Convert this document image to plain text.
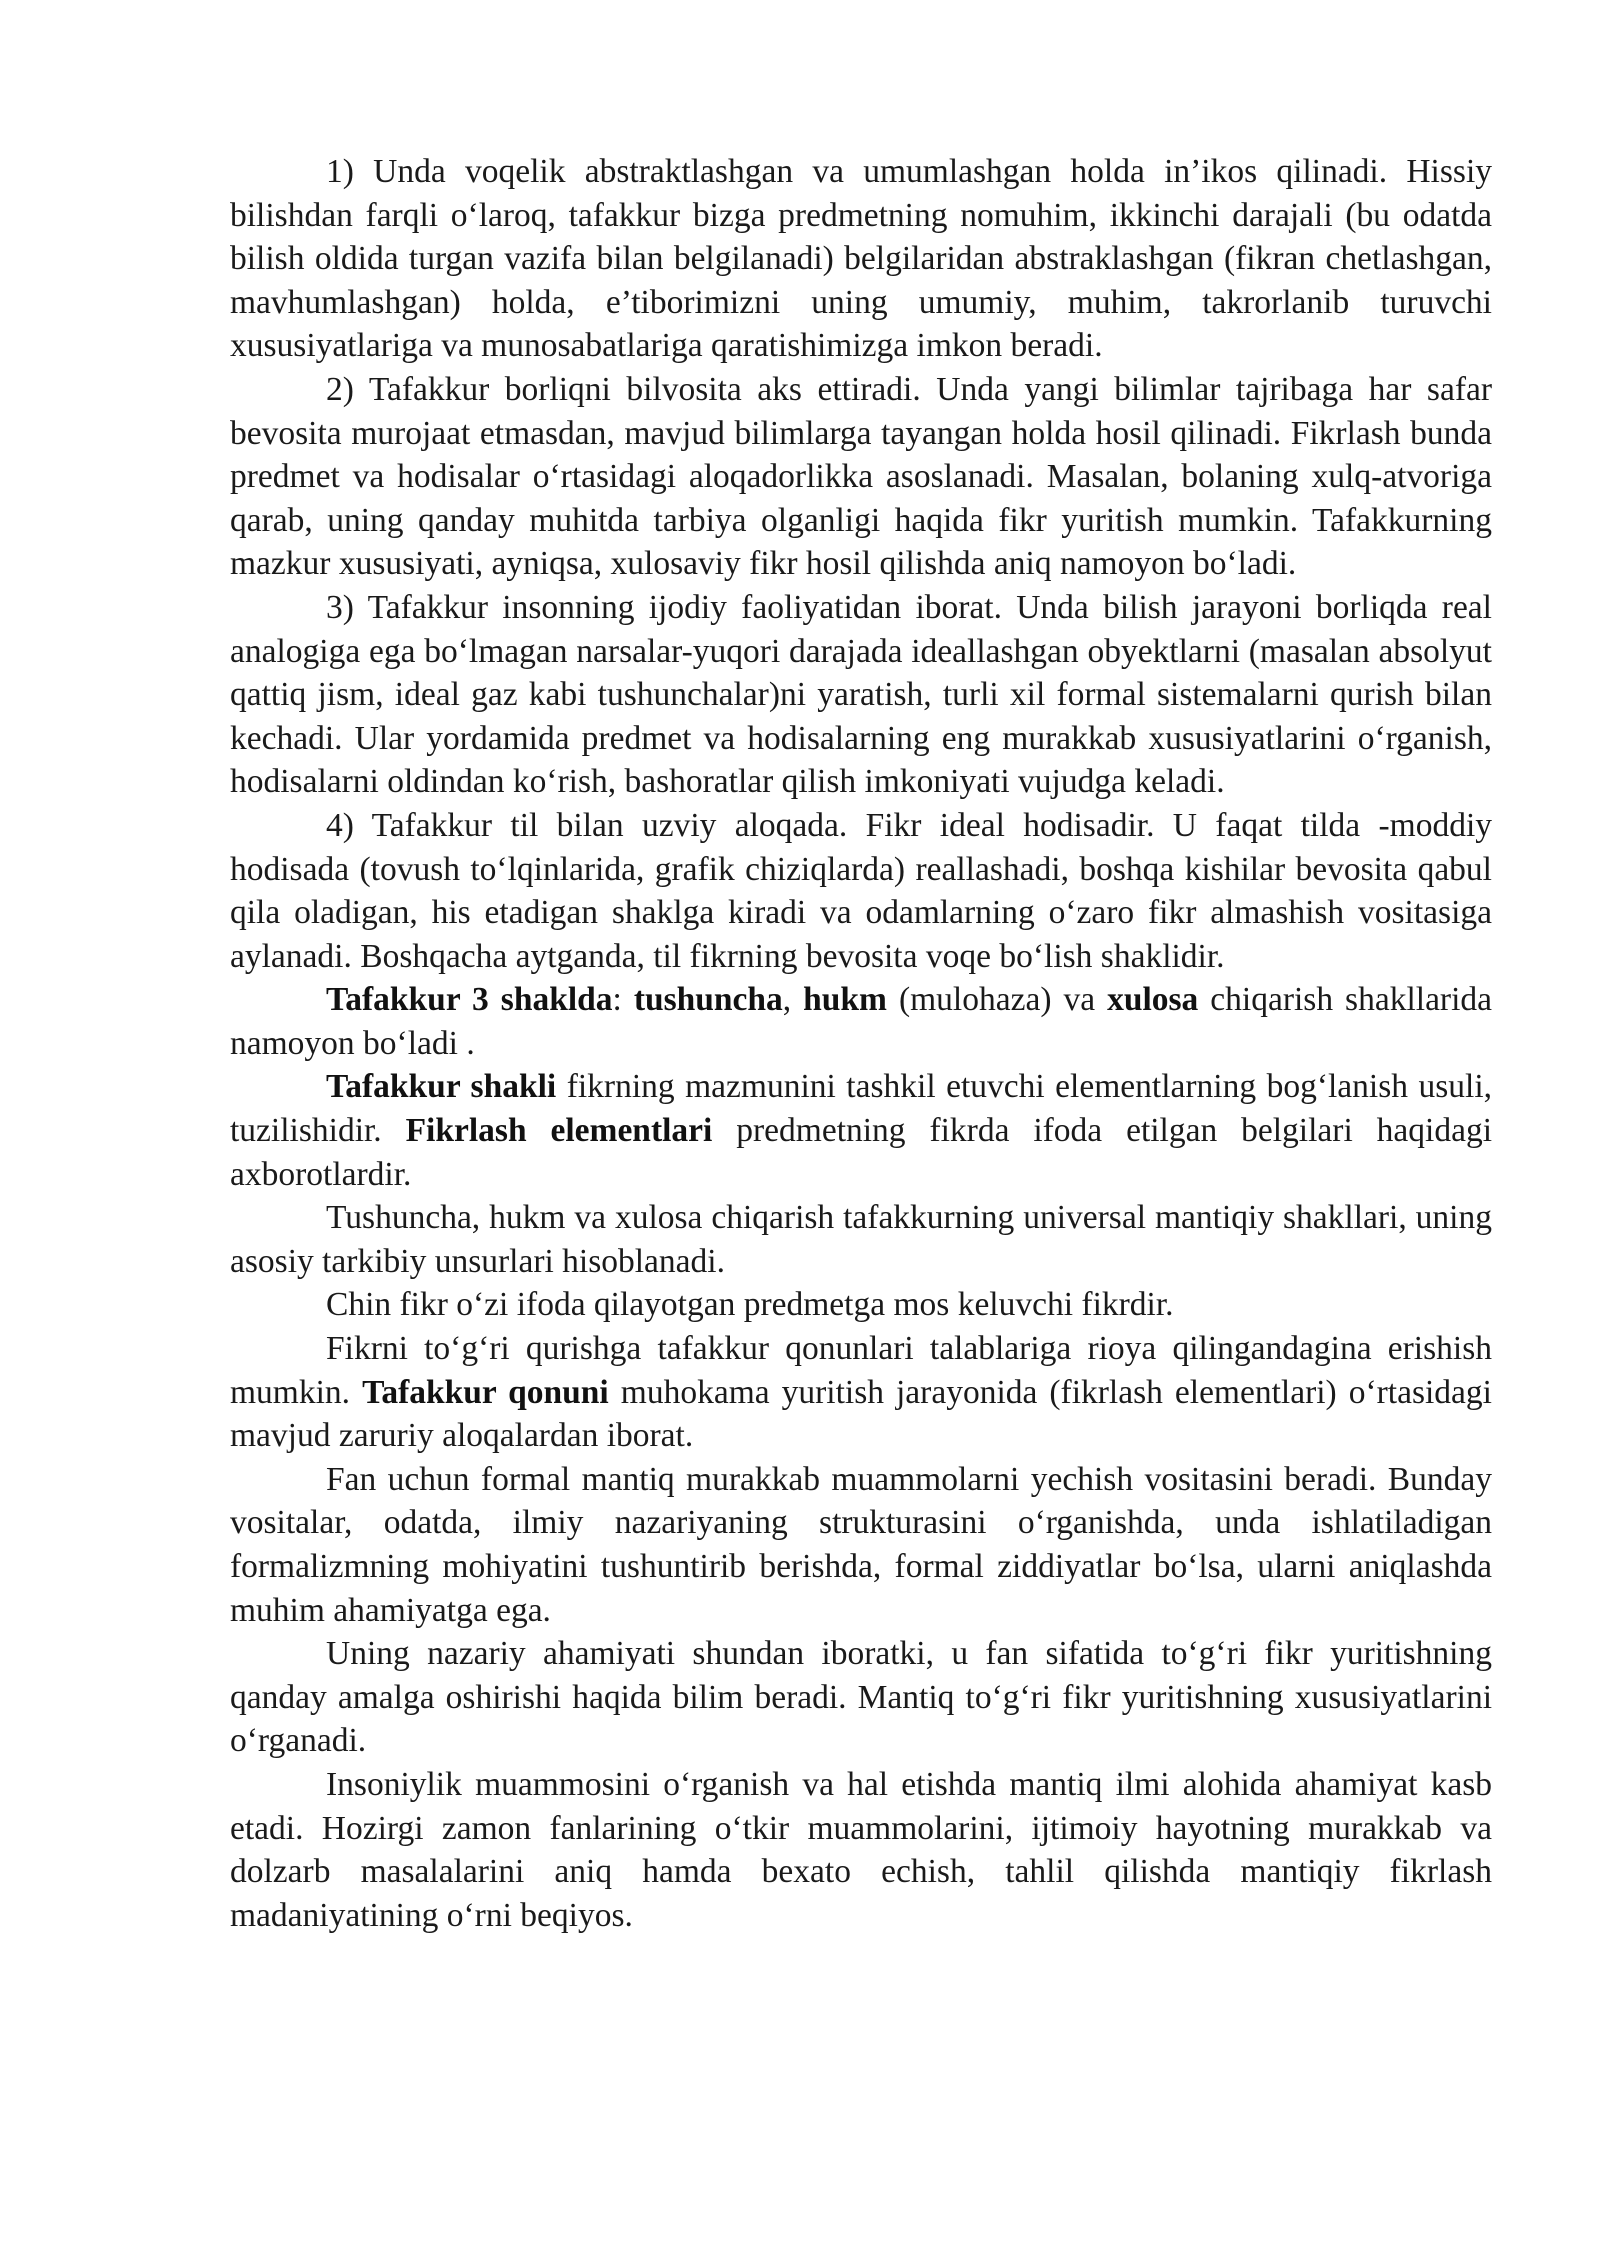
1) Unda voqelik abstraktlashgan va umumlashgan holda in’ikos qilinadi. Hissiy bilishdan farqli o‘laroq, tafakkur bizga predmetning nomuhim, ikkinchi darajali (bu odatda bilish oldida turgan vazifa bilan belgilanadi) belgilaridan abstraklashgan (fikran chetlashgan, mavhumlashgan) holda, e’tiborimizni uning umumiy, muhim, takrorlanib turuvchi xususiyatlariga va munosabatlariga qaratishimizga imkon beradi.

2) Tafakkur borliqni bilvosita aks ettiradi. Unda yangi bilimlar tajribaga har safar bevosita murojaat etmasdan, mavjud bilimlarga tayangan holda hosil qilinadi. Fikrlash bunda predmet va hodisalar o‘rtasidagi aloqadorlikka asoslanadi. Masalan, bolaning xulq-atvoriga qarab, uning qanday muhitda tarbiya olganligi haqida fikr yuritish mumkin. Tafakkurning mazkur xususiyati, ayniqsa, xulosaviy fikr hosil qilishda aniq namoyon bo‘ladi.

3) Tafakkur insonning ijodiy faoliyatidan iborat. Unda bilish jarayoni borliqda real analogiga ega bo‘lmagan narsalar-yuqori darajada ideallashgan obyektlarni (masalan absolyut qattiq jism, ideal gaz kabi tushunchalar)ni yaratish, turli xil formal sistemalarni qurish bilan kechadi. Ular yordamida predmet va hodisalarning eng murakkab xususiyatlarini o‘rganish, hodisalarni oldindan ko‘rish, bashoratlar qilish imkoniyati vujudga keladi.

4) Tafakkur til bilan uzviy aloqada. Fikr ideal hodisadir. U faqat tilda -moddiy hodisada (tovush to‘lqinlarida, grafik chiziqlarda) reallashadi, boshqa kishilar bevosita qabul qila oladigan, his etadigan shaklga kiradi va odamlarning o‘zaro fikr almashish vositasiga aylanadi. Boshqacha aytganda, til fikrning bevosita voqe bo‘lish shaklidir.

Tafakkur 3 shakldа: tushuncha, hukm (mulohaza) va xulosa chiqarish shakllarida namoyon bo‘ladi .

Tafakkur shakli fikrning mazmunini tashkil etuvchi elementlarning bog‘lanish usuli, tuzilishidir. Fikrlash elementlari predmetning fikrda ifoda etilgan belgilari haqidagi axborotlardir.

Tushuncha, hukm va xulosa chiqarish tafakkurning universal mantiqiy shakllari, uning asosiy tarkibiy unsurlari hisoblanadi.

Chin fikr o‘zi ifoda qilayotgan predmetga mos keluvchi fikrdir.

Fikrni to‘g‘ri qurishga tafakkur qonunlari talablariga rioya qilingandagina erishish mumkin. Tafakkur qonuni muhokama yuritish jarayonida (fikrlash elementlari) o‘rtasidagi mavjud zaruriy aloqalardan iborat.

Fan uchun formal mantiq murakkab muammolarni yechish vositasini beradi. Bunday vositalar, odatda, ilmiy nazariyaning strukturasini o‘rganishda, unda ishlatiladigan formalizmning mohiyatini tushuntirib berishda, formal ziddiyatlar bo‘lsa, ularni aniqlashda muhim ahamiyatga ega.

Uning nazariy ahamiyati shundan iboratki, u fan sifatida to‘g‘ri fikr yuritishning qanday amalga oshirishi haqida bilim beradi. Mantiq to‘g‘ri fikr yuritishning xususiyatlarini o‘rganadi.

Insoniylik muammosini o‘rganish va hal etishda mantiq ilmi alohida ahamiyat kasb etadi. Hozirgi zamon fanlarining o‘tkir muammolarini, ijtimoiy hayotning murakkab va dolzarb masalalarini aniq hamda bexato echish, tahlil qilishda mantiqiy fikrlash madaniyatining o‘rni beqiyos.
